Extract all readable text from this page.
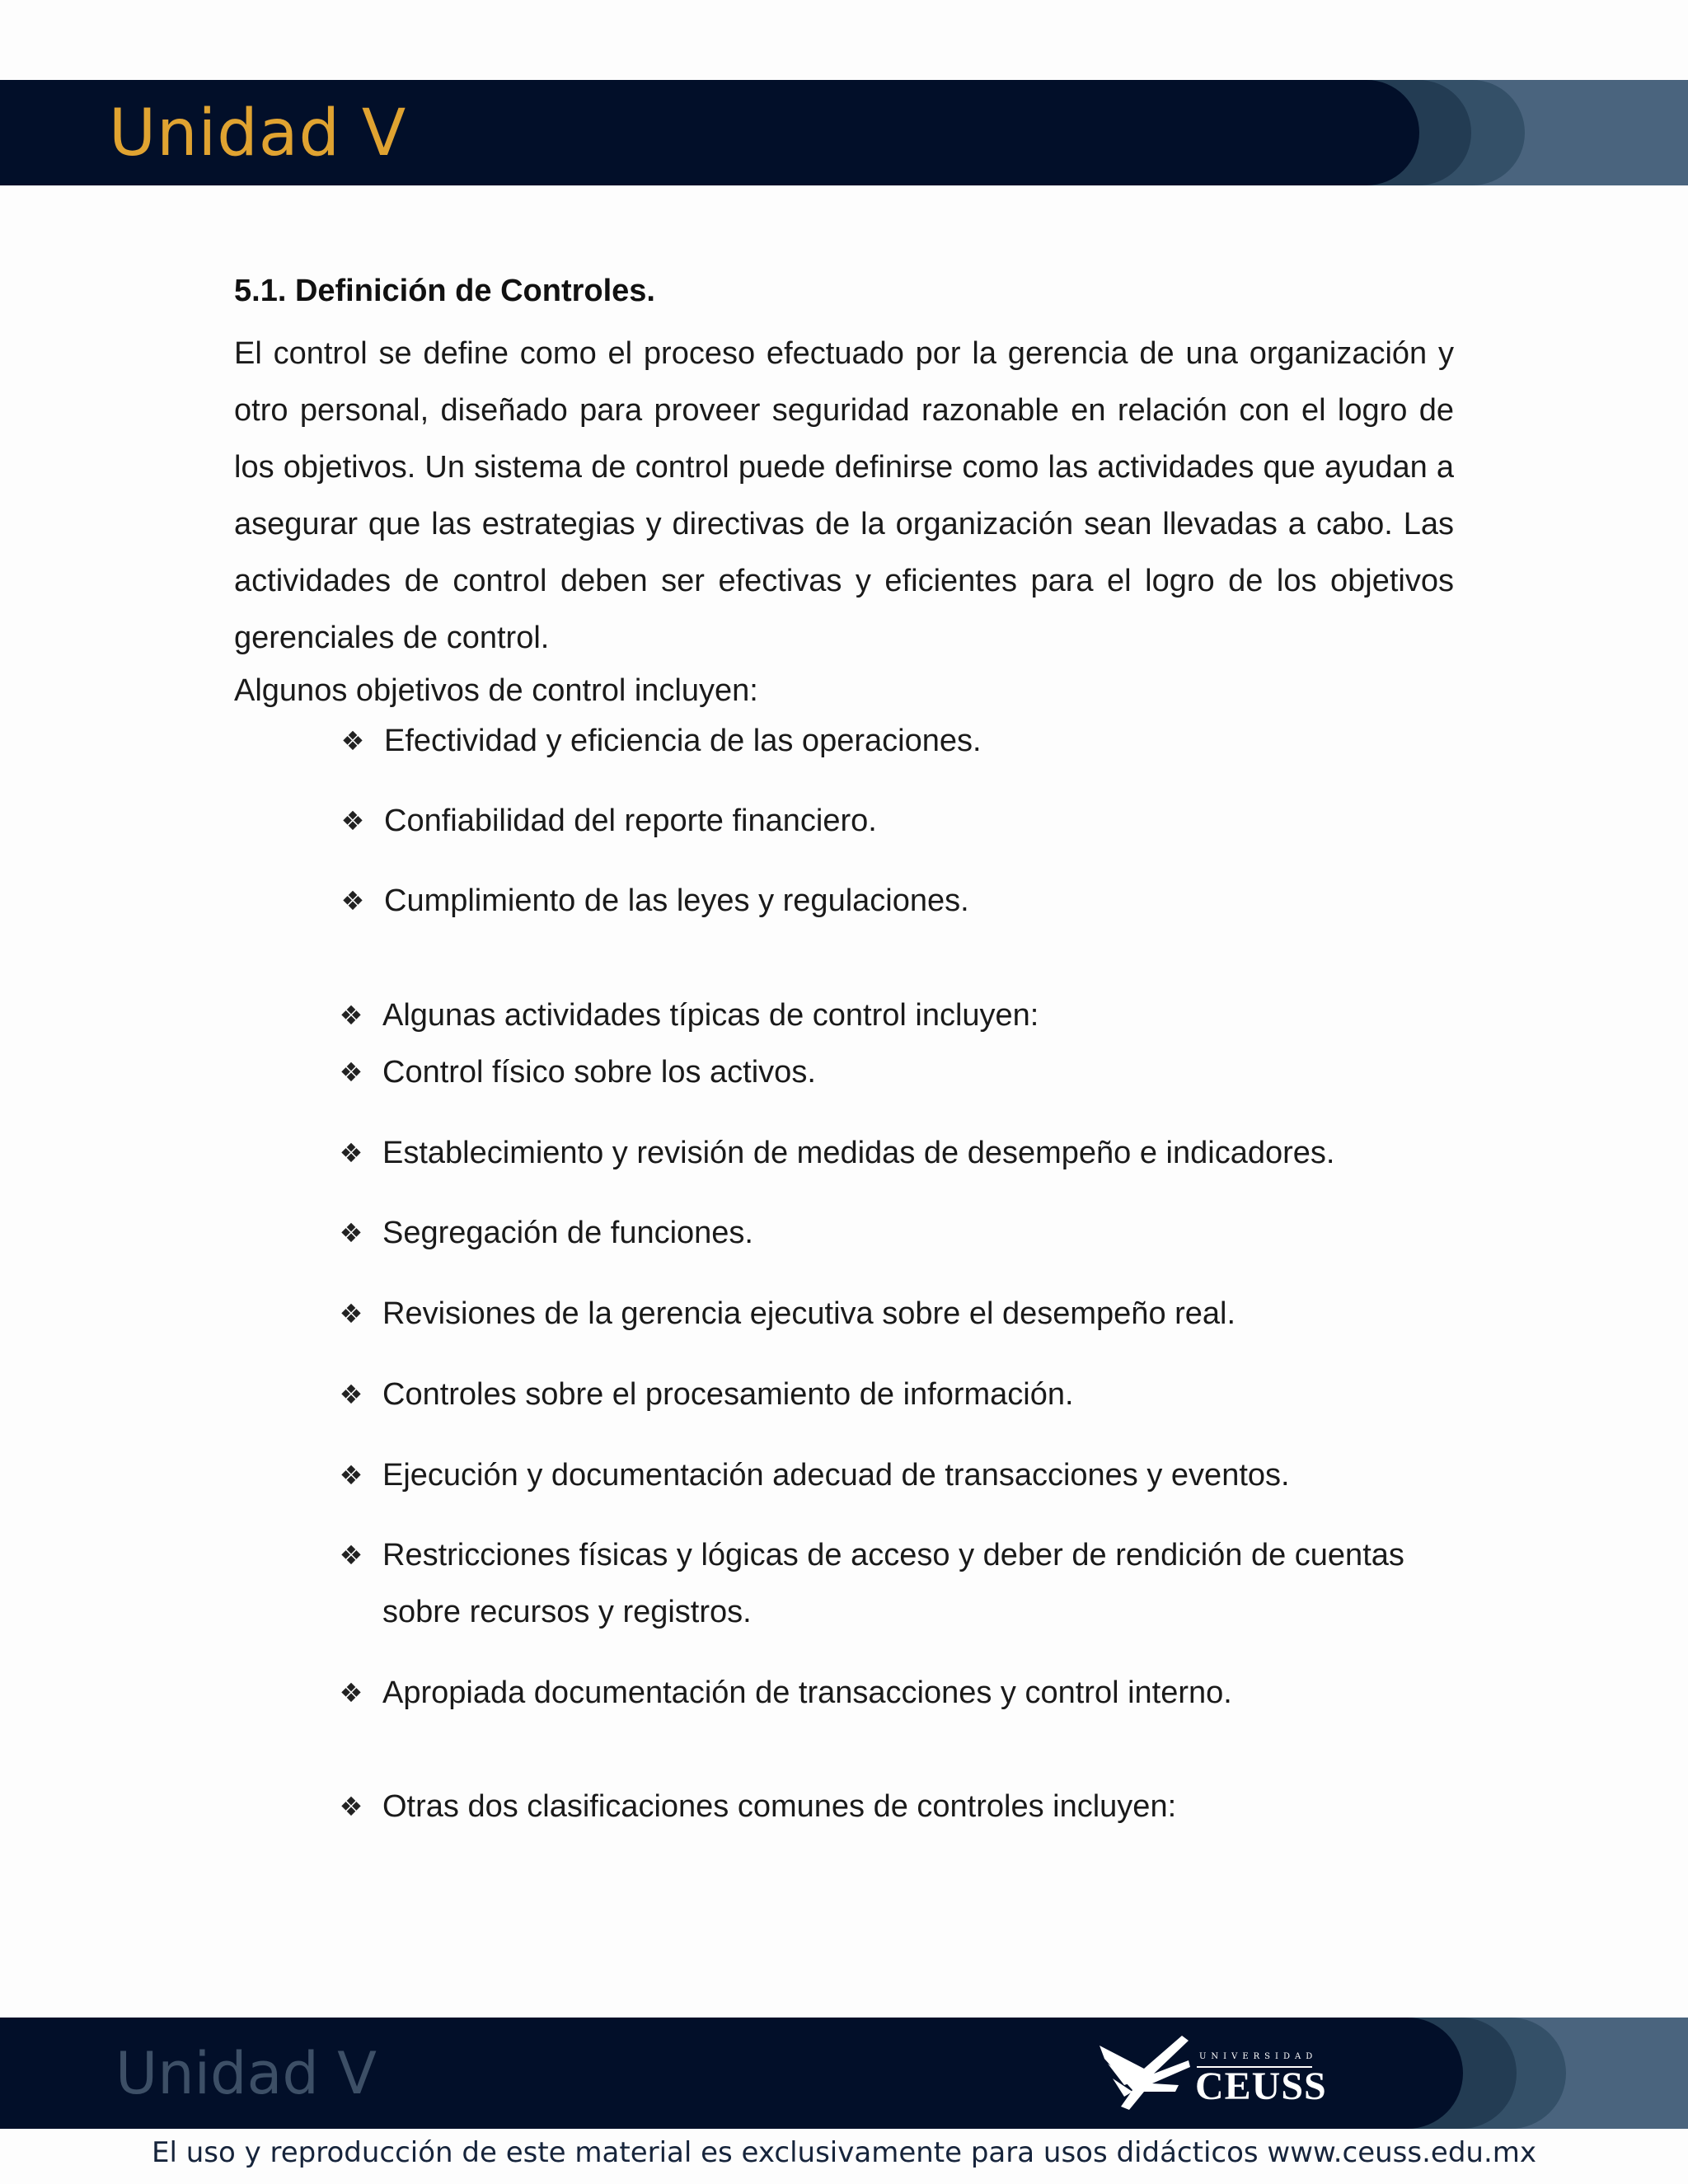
Unidad V
5.1. Definición de Controles.

El control se define como el proceso efectuado por la gerencia de una organización y otro personal, diseñado para proveer seguridad razonable en relación con el logro de los objetivos. Un sistema de control puede definirse como las actividades que ayudan a asegurar que las estrategias y directivas de la organización sean llevadas a cabo. Las actividades de control deben ser efectivas y eficientes para el logro de los objetivos gerenciales de control.

Algunos objetivos de control incluyen:
❖ Efectividad y eficiencia de las operaciones.
❖ Confiabilidad del reporte financiero.
❖ Cumplimiento de las leyes y regulaciones.
❖ Algunas actividades típicas de control incluyen:
❖ Control físico sobre los activos.
❖ Establecimiento y revisión de medidas de desempeño e indicadores.
❖ Segregación de funciones.
❖ Revisiones de la gerencia ejecutiva sobre el desempeño real.
❖ Controles sobre el procesamiento de información.
❖ Ejecución y documentación adecuad de transacciones y eventos.
❖ Restricciones físicas y lógicas de acceso y deber de rendición de cuentas sobre recursos y registros.
❖ Apropiada documentación de transacciones y control interno.
❖ Otras dos clasificaciones comunes de controles incluyen:
Unidad V	UNIVERSIDAD
CEUSS
El uso y reproducción de este material es exclusivamente para usos didácticos www.ceuss.edu.mx
